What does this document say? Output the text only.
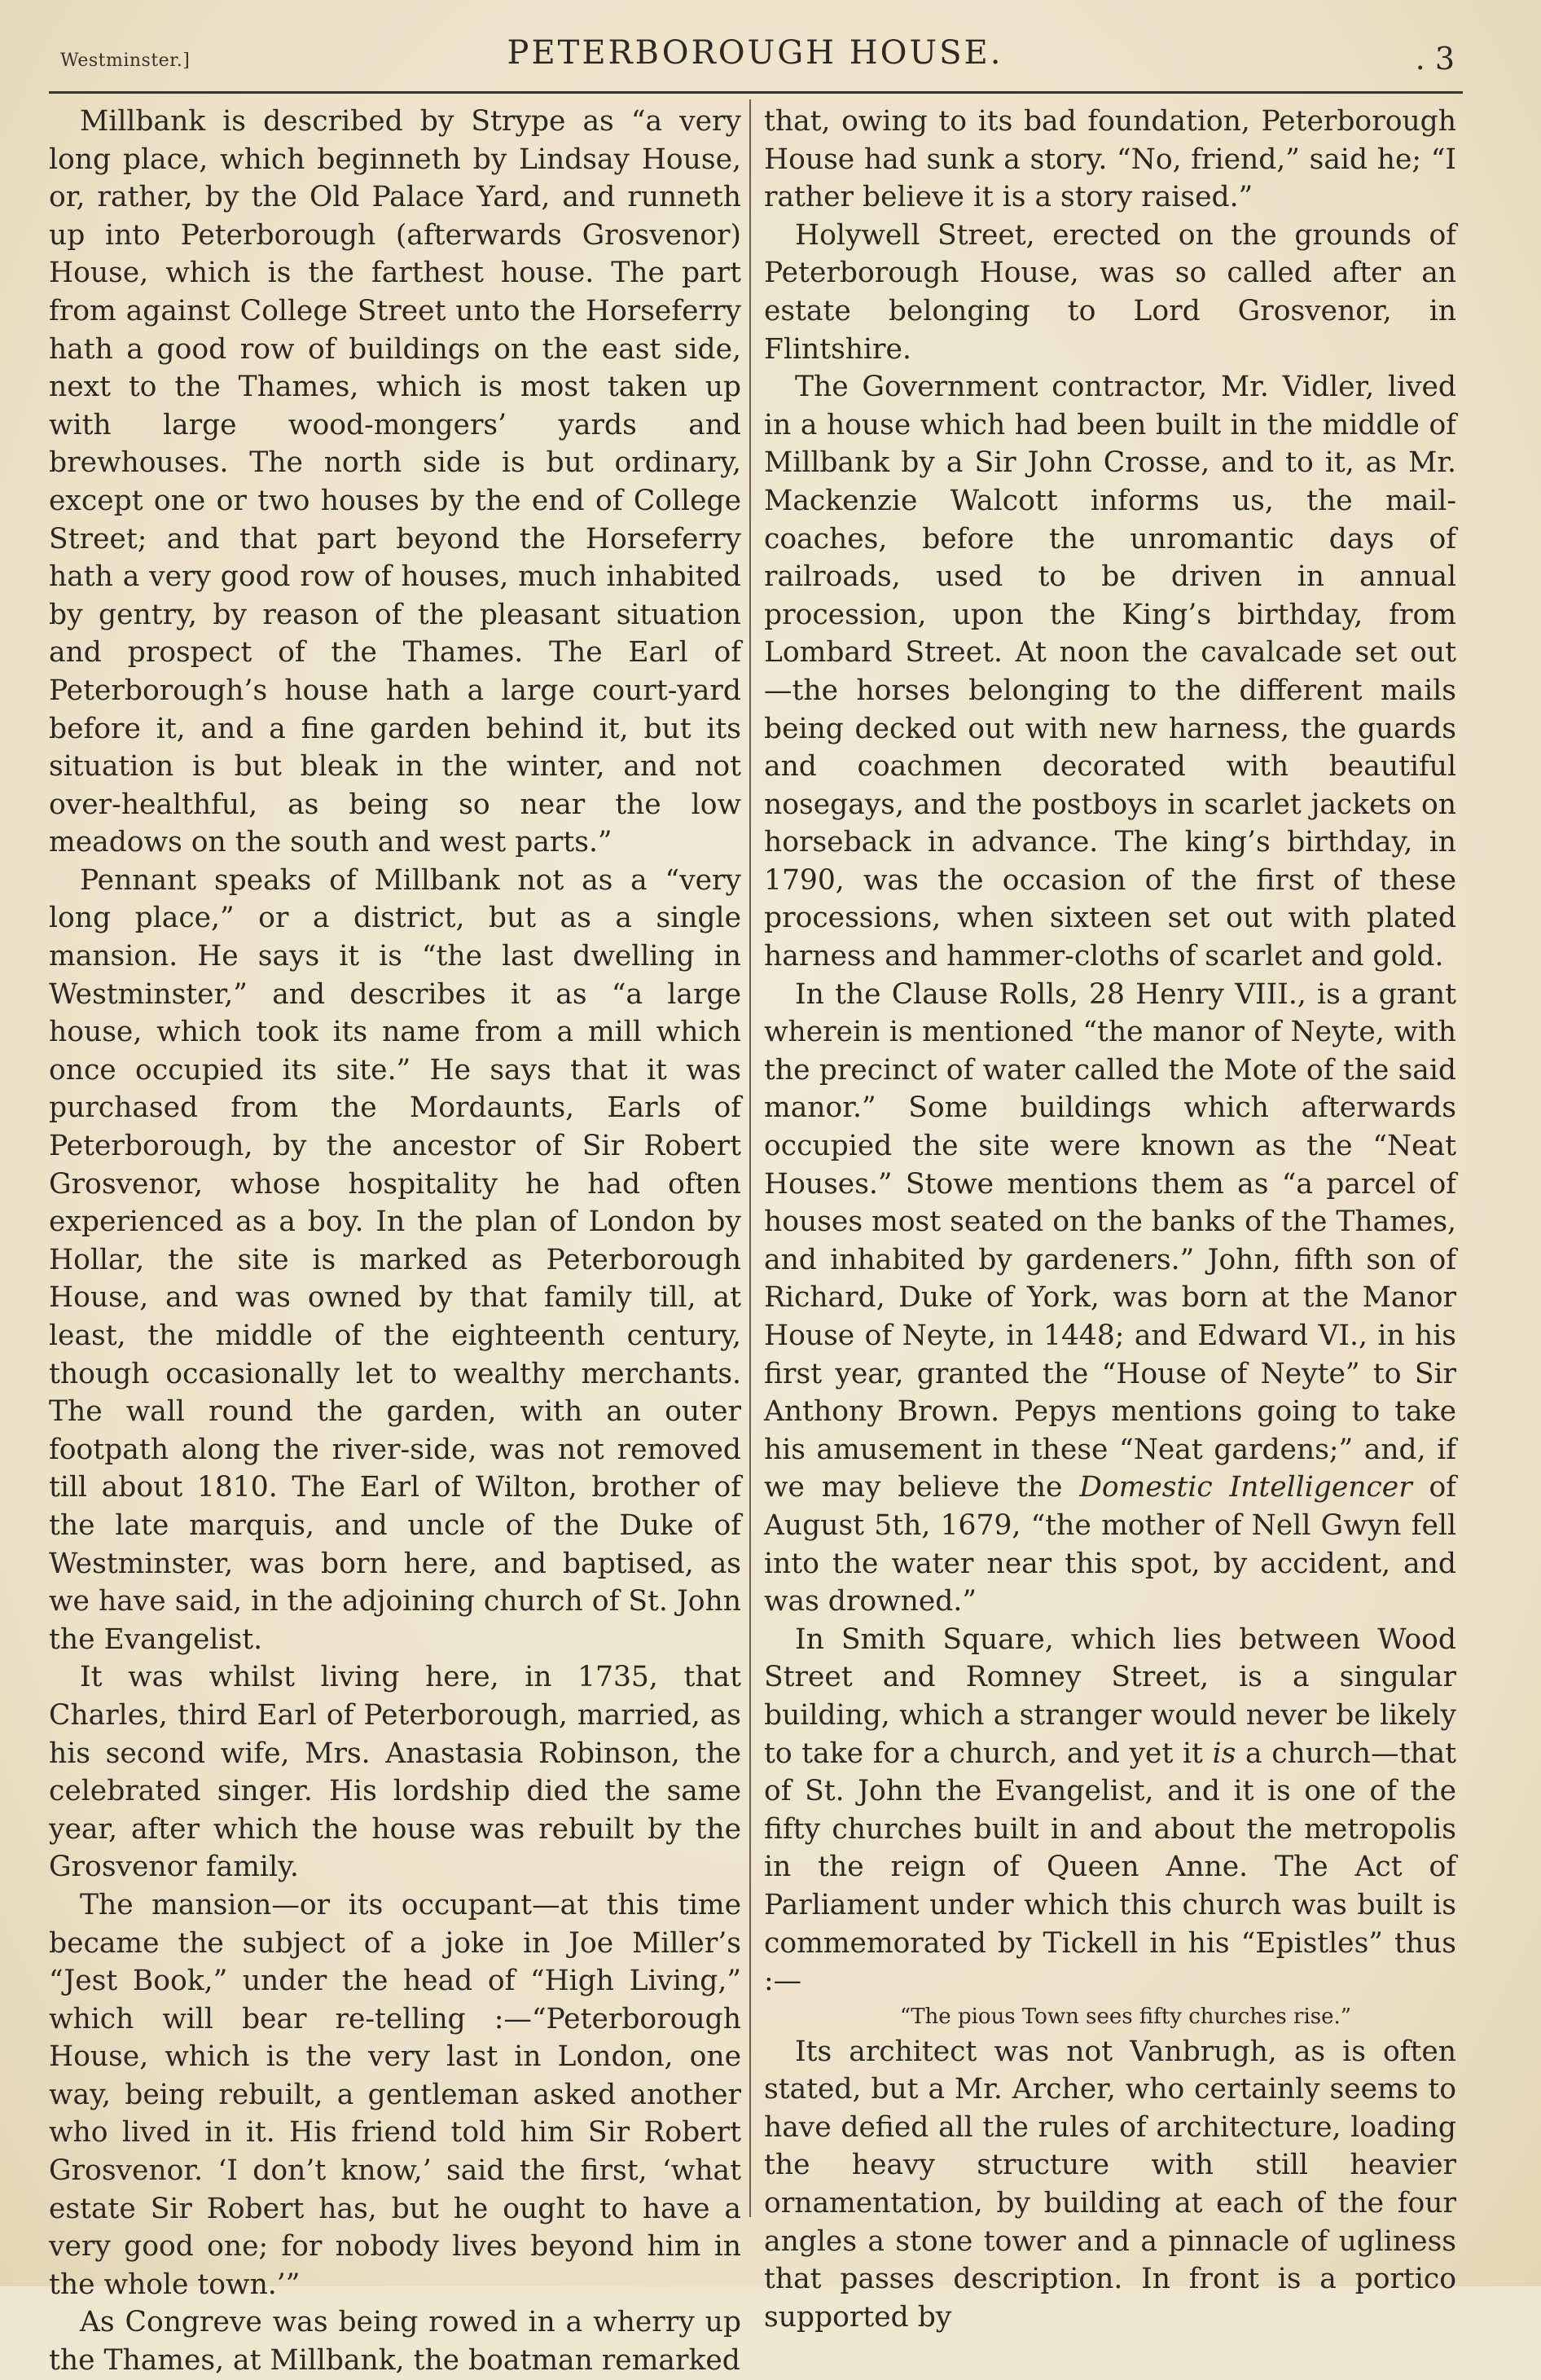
Westminster.]	PETERBOROUGH HOUSE.	. 3

Millbank is described by Strype as “a very long place, which beginneth by Lindsay House, or, rather, by the Old Palace Yard, and runneth up into Peterborough (afterwards Grosvenor) House, which is the farthest house. The part from against College Street unto the Horseferry hath a good row of buildings on the east side, next to the Thames, which is most taken up with large wood-mongers’ yards and brewhouses. The north side is but ordinary, except one or two houses by the end of College Street; and that part beyond the Horseferry hath a very good row of houses, much inhabited by gentry, by reason of the pleasant situation and prospect of the Thames. The Earl of Peterborough’s house hath a large court-yard before it, and a fine garden behind it, but its situation is but bleak in the winter, and not over-healthful, as being so near the low meadows on the south and west parts.”

Pennant speaks of Millbank not as a “very long place,” or a district, but as a single mansion. He says it is “the last dwelling in Westminster,” and describes it as “a large house, which took its name from a mill which once occupied its site.” He says that it was purchased from the Mordaunts, Earls of Peterborough, by the ancestor of Sir Robert Grosvenor, whose hospitality he had often experienced as a boy. In the plan of London by Hollar, the site is marked as Peterborough House, and was owned by that family till, at least, the middle of the eighteenth century, though occasionally let to wealthy merchants. The wall round the garden, with an outer footpath along the river-side, was not removed till about 1810. The Earl of Wilton, brother of the late marquis, and uncle of the Duke of Westminster, was born here, and baptised, as we have said, in the adjoining church of St. John the Evangelist.

It was whilst living here, in 1735, that Charles, third Earl of Peterborough, married, as his second wife, Mrs. Anastasia Robinson, the celebrated singer. His lordship died the same year, after which the house was rebuilt by the Grosvenor family.

The mansion—or its occupant—at this time became the subject of a joke in Joe Miller’s “Jest Book,” under the head of “High Living,” which will bear re-telling :—“Peterborough House, which is the very last in London, one way, being rebuilt, a gentleman asked another who lived in it. His friend told him Sir Robert Grosvenor. ‘I don’t know,’ said the first, ‘what estate Sir Robert has, but he ought to have a very good one; for nobody lives beyond him in the whole town.’”

As Congreve was being rowed in a wherry up the Thames, at Millbank, the boatman remarked

that, owing to its bad foundation, Peterborough House had sunk a story. “No, friend,” said he; “I rather believe it is a story raised.”

Holywell Street, erected on the grounds of Peterborough House, was so called after an estate belonging to Lord Grosvenor, in Flintshire.

The Government contractor, Mr. Vidler, lived in a house which had been built in the middle of Millbank by a Sir John Crosse, and to it, as Mr. Mackenzie Walcott informs us, the mail-coaches, before the unromantic days of railroads, used to be driven in annual procession, upon the King’s birthday, from Lombard Street. At noon the cavalcade set out—the horses belonging to the different mails being decked out with new harness, the guards and coachmen decorated with beautiful nosegays, and the postboys in scarlet jackets on horseback in advance. The king’s birthday, in 1790, was the occasion of the first of these processions, when sixteen set out with plated harness and hammer-cloths of scarlet and gold.

In the Clause Rolls, 28 Henry VIII., is a grant wherein is mentioned “the manor of Neyte, with the precinct of water called the Mote of the said manor.” Some buildings which afterwards occupied the site were known as the “Neat Houses.” Stowe mentions them as “a parcel of houses most seated on the banks of the Thames, and inhabited by gardeners.” John, fifth son of Richard, Duke of York, was born at the Manor House of Neyte, in 1448; and Edward VI., in his first year, granted the “House of Neyte” to Sir Anthony Brown. Pepys mentions going to take his amusement in these “Neat gardens;” and, if we may believe the Domestic Intelligencer of August 5th, 1679, “the mother of Nell Gwyn fell into the water near this spot, by accident, and was drowned.”

In Smith Square, which lies between Wood Street and Romney Street, is a singular building, which a stranger would never be likely to take for a church, and yet it is a church—that of St. John the Evangelist, and it is one of the fifty churches built in and about the metropolis in the reign of Queen Anne. The Act of Parliament under which this church was built is commemorated by Tickell in his “Epistles” thus :—

“The pious Town sees fifty churches rise.”

Its architect was not Vanbrugh, as is often stated, but a Mr. Archer, who certainly seems to have defied all the rules of architecture, loading the heavy structure with still heavier ornamentation, by building at each of the four angles a stone tower and a pinnacle of ugliness that passes description. In front is a portico supported by
